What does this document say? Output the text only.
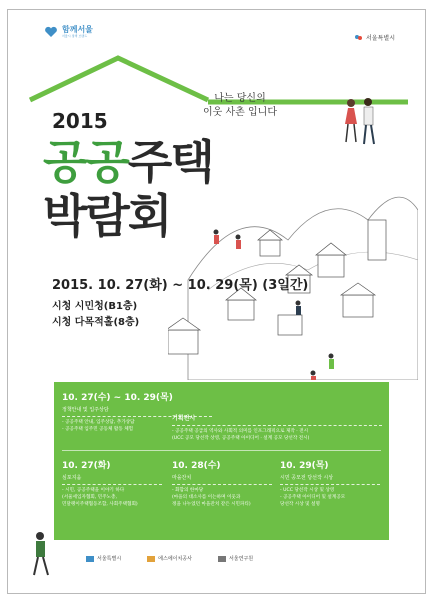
함께서울
서울시 정책 브랜드	서울특별시
나는 당신의
이웃 사촌 입니다
2015
공공주택
박람회
2015. 10. 27(화) ~ 10. 29(목) (3일간)
시청 시민청(B1층)
시청 다목적홀(8층)
10. 27(수) ~ 10. 29(목)
정책안내 및 입주상담
- 공공주택 안내, 입주상담, 추가상담
- 공공주택 입주민 공동체 활동 체험
기획전시
- 공공주택 공급의 역사와 사회적 의미를 인포그래픽으로 제작 · 전시
(UCC 공모 당선작 상영, 공공주택 아이디어 · 설계 공모 당선작 전시)
10. 27(화)
심포지움
- 시민, 공공주택을 이야기 하다
(서울세입자협회, 민주노총,
민달팽이주택협동조합, 사회주택협회)
10. 28(수)
마을잔치
- 화합의 한마당
(마을의 대소사를 이는하며 이웃과
정을 나누었던 마을잔치 같은 시민파티)
10. 29(목)
시민 공모전 당선작 시상
- UCC 당선작 시상 및 상영
- 공공주택 아이디어 및 설계공모
당선작 시상 및 설명
서울특별시	에스에이치공사	서울연구원
